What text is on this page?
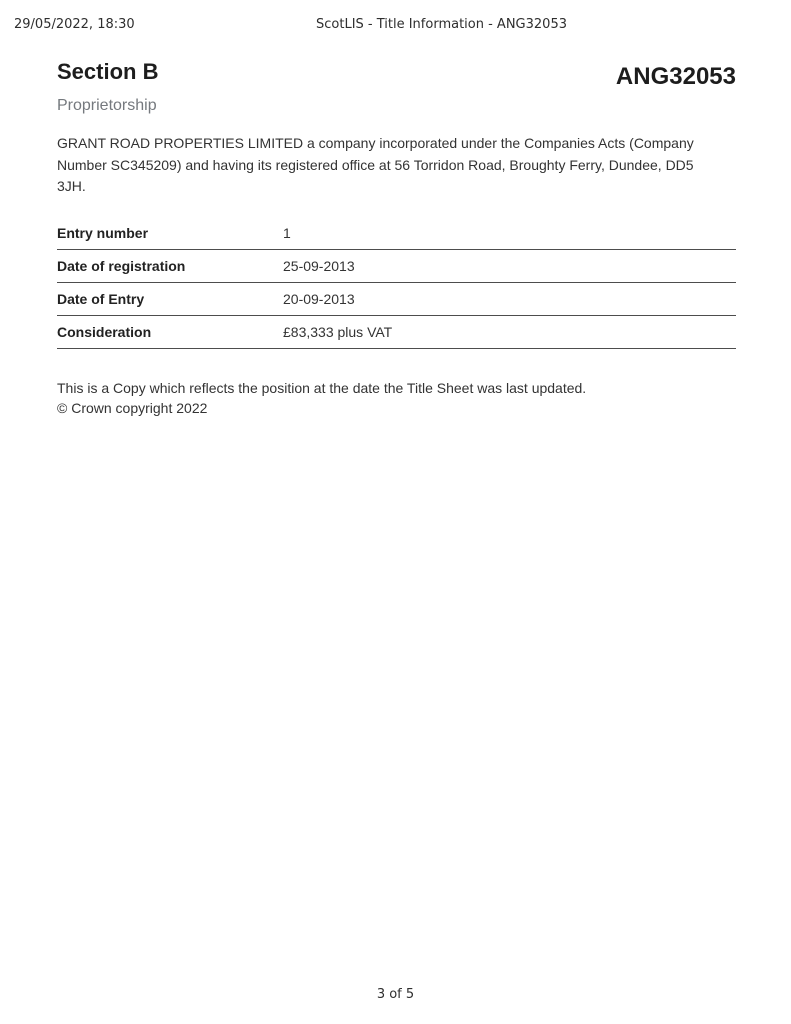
29/05/2022, 18:30	ScotLIS - Title Information - ANG32053
Section B	ANG32053
Proprietorship

GRANT ROAD PROPERTIES LIMITED a company incorporated under the Companies Acts (Company Number SC345209) and having its registered office at 56 Torridon Road, Broughty Ferry, Dundee, DD5 3JH.

Entry number	1
Date of registration	25-09-2013
Date of Entry	20-09-2013
Consideration	£83,333 plus VAT

This is a Copy which reflects the position at the date the Title Sheet was last updated.
© Crown copyright 2022

3 of 5
